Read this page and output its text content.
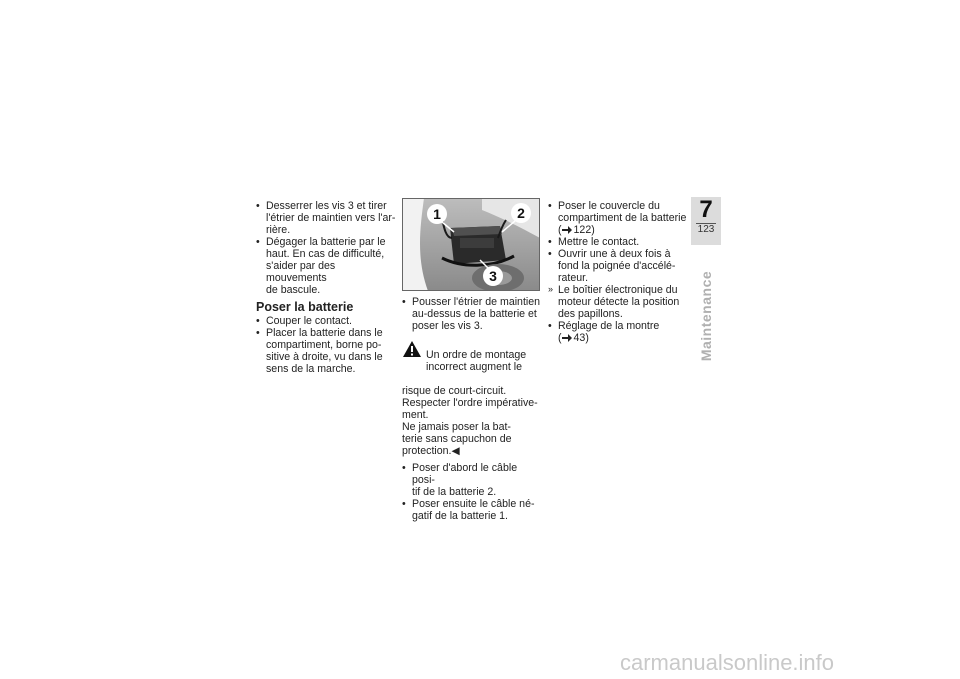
• Desserrer les vis 3 et tirer
l'étrier de maintien vers l'ar-
rière.
• Dégager la batterie par le
haut. En cas de difficulté,
s'aider par des mouvements
de bascule.
Poser la batterie
• Couper le contact.
• Placer la batterie dans le
compartiment, borne po-
sitive à droite, vu dans le
sens de la marche.
1	2
3
• Pousser l'étrier de maintien
au-dessus de la batterie et
poser les vis 3.

Un ordre de montage
incorrect augment le

risque de court-circuit.
Respecter l'ordre impérative-
ment.
Ne jamais poser la bat-
terie sans capuchon de
protection.◀

• Poser d'abord le câble posi-
tif de la batterie 2.
• Poser ensuite le câble né-
gatif de la batterie 1.
• Poser le couvercle du
compartiment de la batterie
( 122)
• Mettre le contact.
• Ouvrir une à deux fois à
fond la poignée d'accélé-
rateur.
» Le boîtier électronique du
moteur détecte la position
des papillons.
• Réglage de la montre
( 43)
7
123
Maintenance
carmanualsonline.info
